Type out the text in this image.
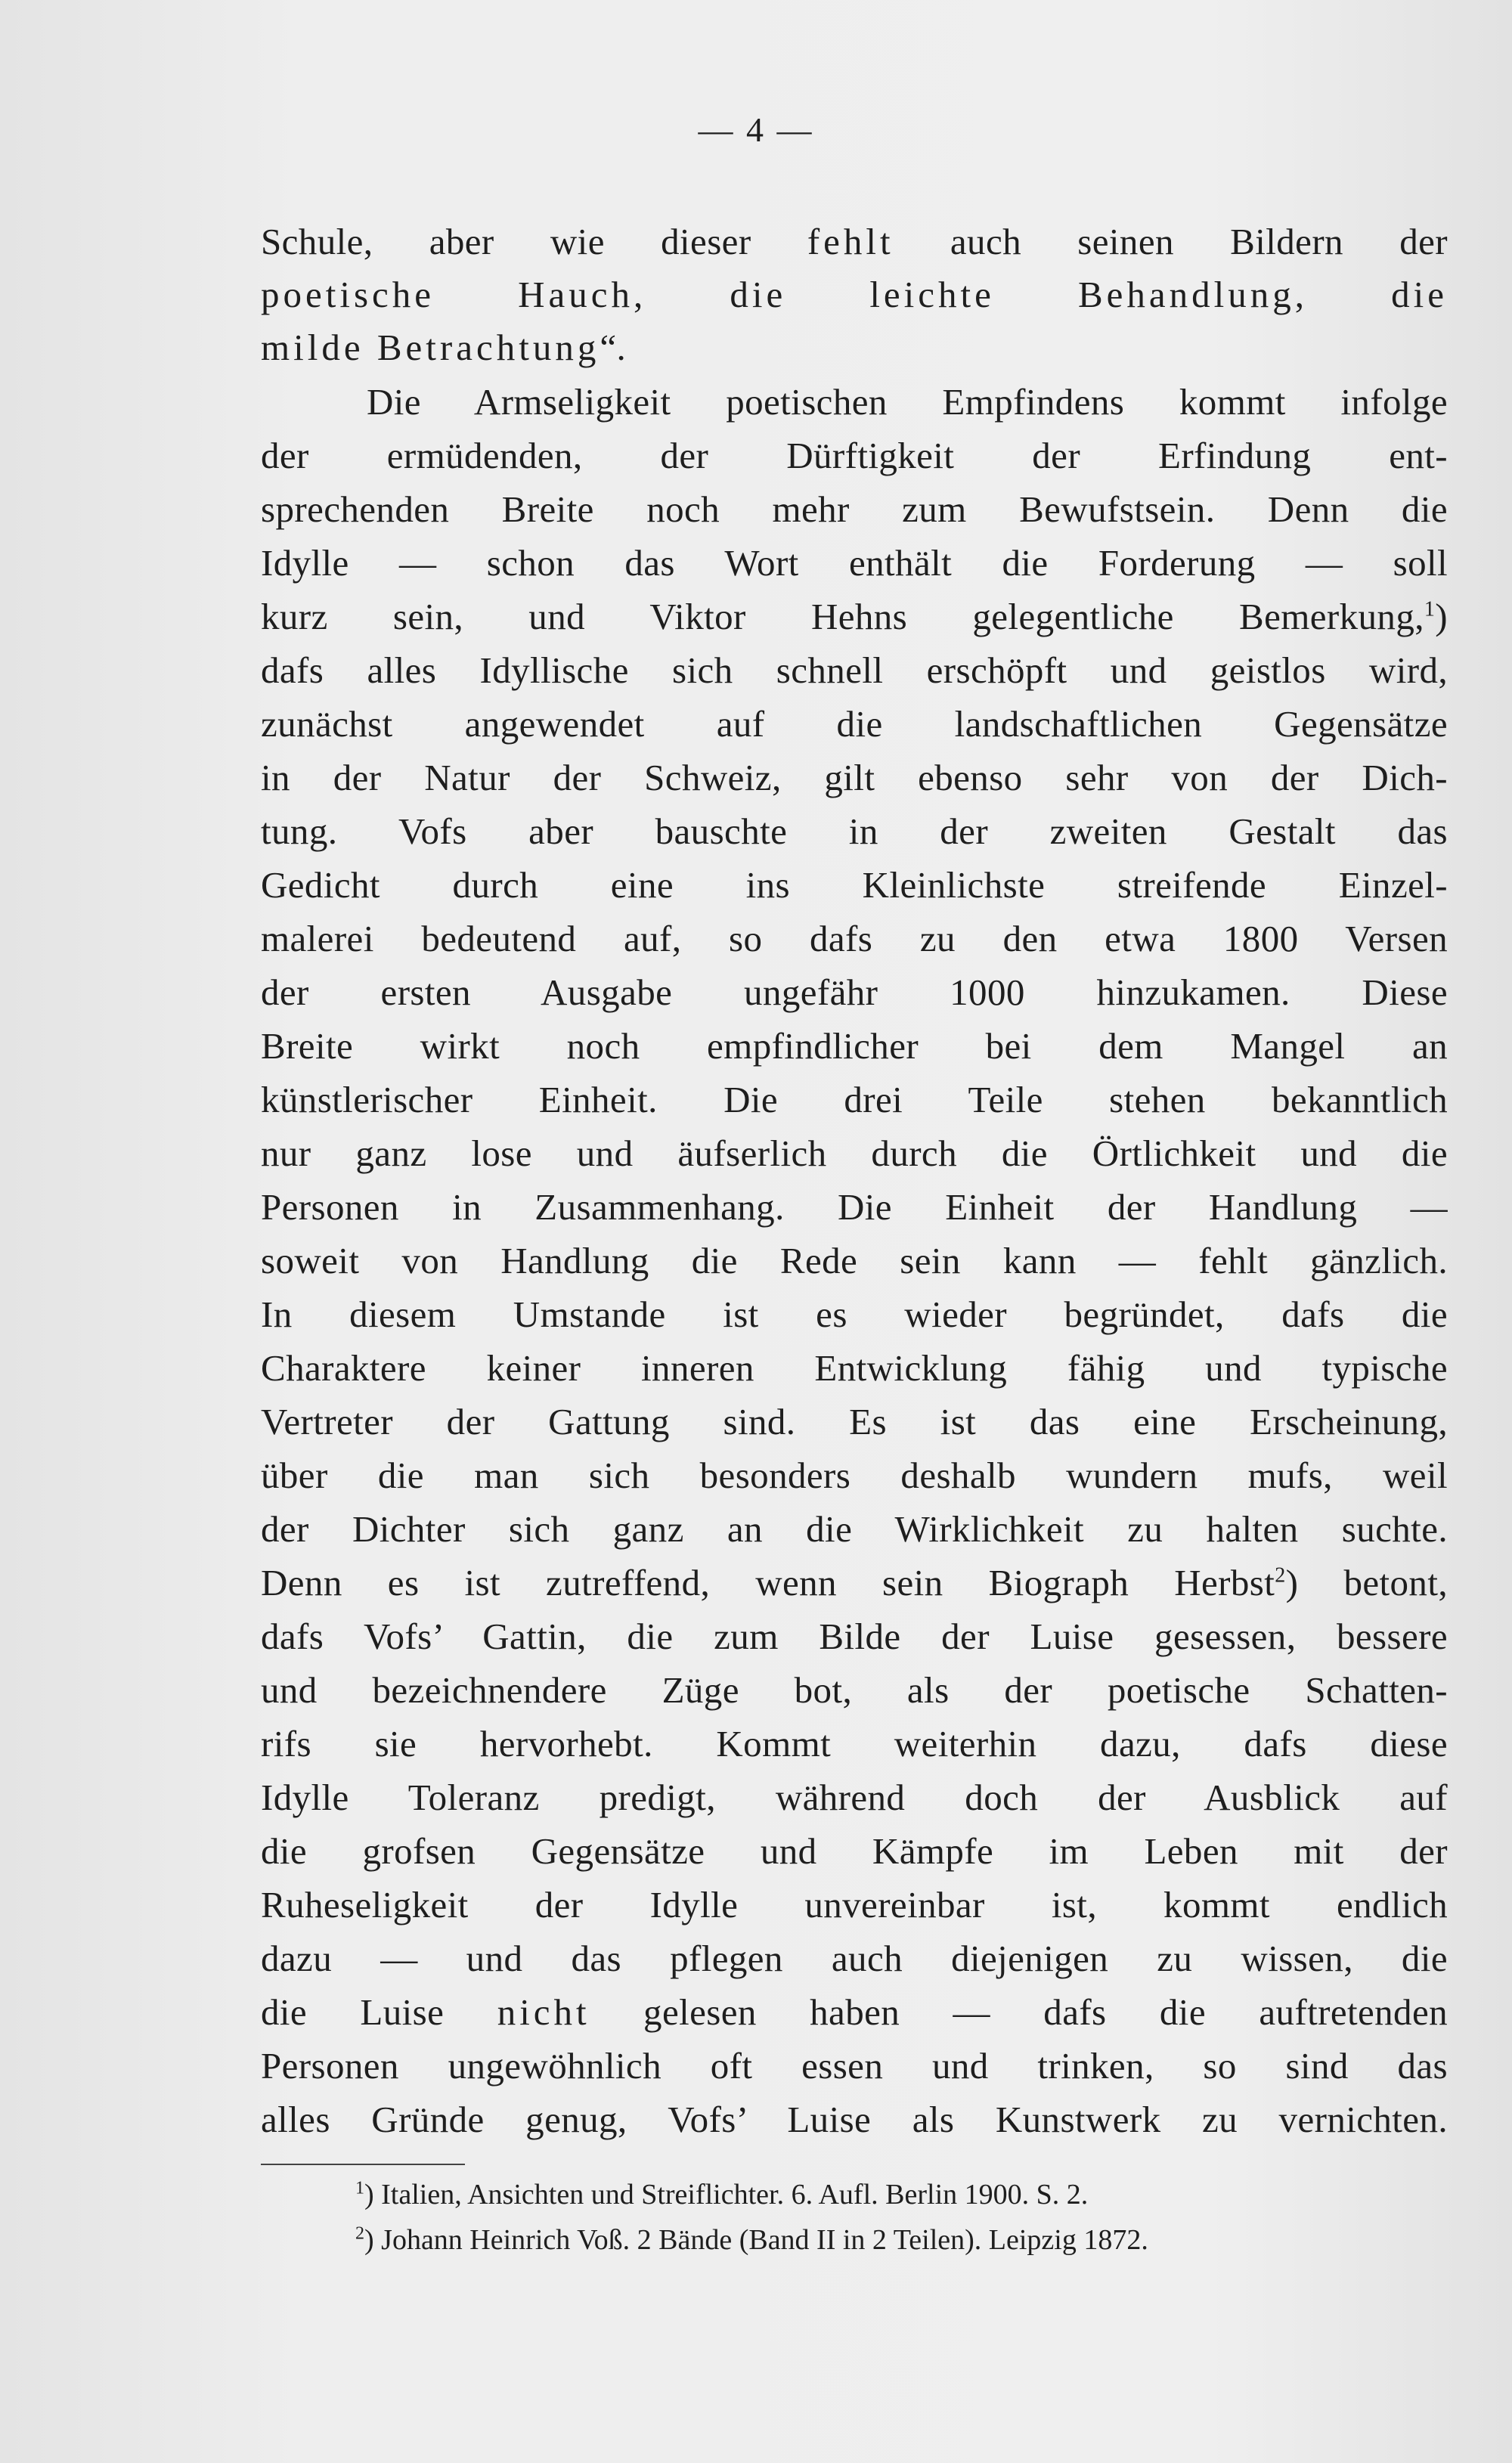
— 4 —
Schule, aber wie dieser fehlt auch seinen Bildern der
poetische Hauch, die leichte Behandlung, die
milde Betrachtung“.
Die Armseligkeit poetischen Empfindens kommt infolge
der ermüdenden, der Dürftigkeit der Erfindung ent-
sprechenden Breite noch mehr zum Bewufstsein. Denn die
Idylle — schon das Wort enthält die Forderung — soll
kurz sein, und Viktor Hehns gelegentliche Bemerkung,$^1$)
dafs alles Idyllische sich schnell erschöpft und geistlos wird,
zunächst angewendet auf die landschaftlichen Gegensätze
in der Natur der Schweiz, gilt ebenso sehr von der Dich-
tung. Vofs aber bauschte in der zweiten Gestalt das
Gedicht durch eine ins Kleinlichste streifende Einzel-
malerei bedeutend auf, so dafs zu den etwa 1800 Versen
der ersten Ausgabe ungefähr 1000 hinzukamen. Diese
Breite wirkt noch empfindlicher bei dem Mangel an
künstlerischer Einheit. Die drei Teile stehen bekanntlich
nur ganz lose und äufserlich durch die Örtlichkeit und die
Personen in Zusammenhang. Die Einheit der Handlung —
soweit von Handlung die Rede sein kann — fehlt gänzlich.
In diesem Umstande ist es wieder begründet, dafs die
Charaktere keiner inneren Entwicklung fähig und typische
Vertreter der Gattung sind. Es ist das eine Erscheinung,
über die man sich besonders deshalb wundern mufs, weil
der Dichter sich ganz an die Wirklichkeit zu halten suchte.
Denn es ist zutreffend, wenn sein Biograph Herbst$^2$) betont,
dafs Vofs’ Gattin, die zum Bilde der Luise gesessen, bessere
und bezeichnendere Züge bot, als der poetische Schatten-
rifs sie hervorhebt. Kommt weiterhin dazu, dafs diese
Idylle Toleranz predigt, während doch der Ausblick auf
die grofsen Gegensätze und Kämpfe im Leben mit der
Ruheseligkeit der Idylle unvereinbar ist, kommt endlich
dazu — und das pflegen auch diejenigen zu wissen, die
die Luise nicht gelesen haben — dafs die auftretenden
Personen ungewöhnlich oft essen und trinken, so sind das
alles Gründe genug, Vofs’ Luise als Kunstwerk zu vernichten.
$^1$) Italien, Ansichten und Streiflichter. 6. Aufl. Berlin 1900. S. 2.
$^2$) Johann Heinrich Voß. 2 Bände (Band II in 2 Teilen). Leipzig 1872.
